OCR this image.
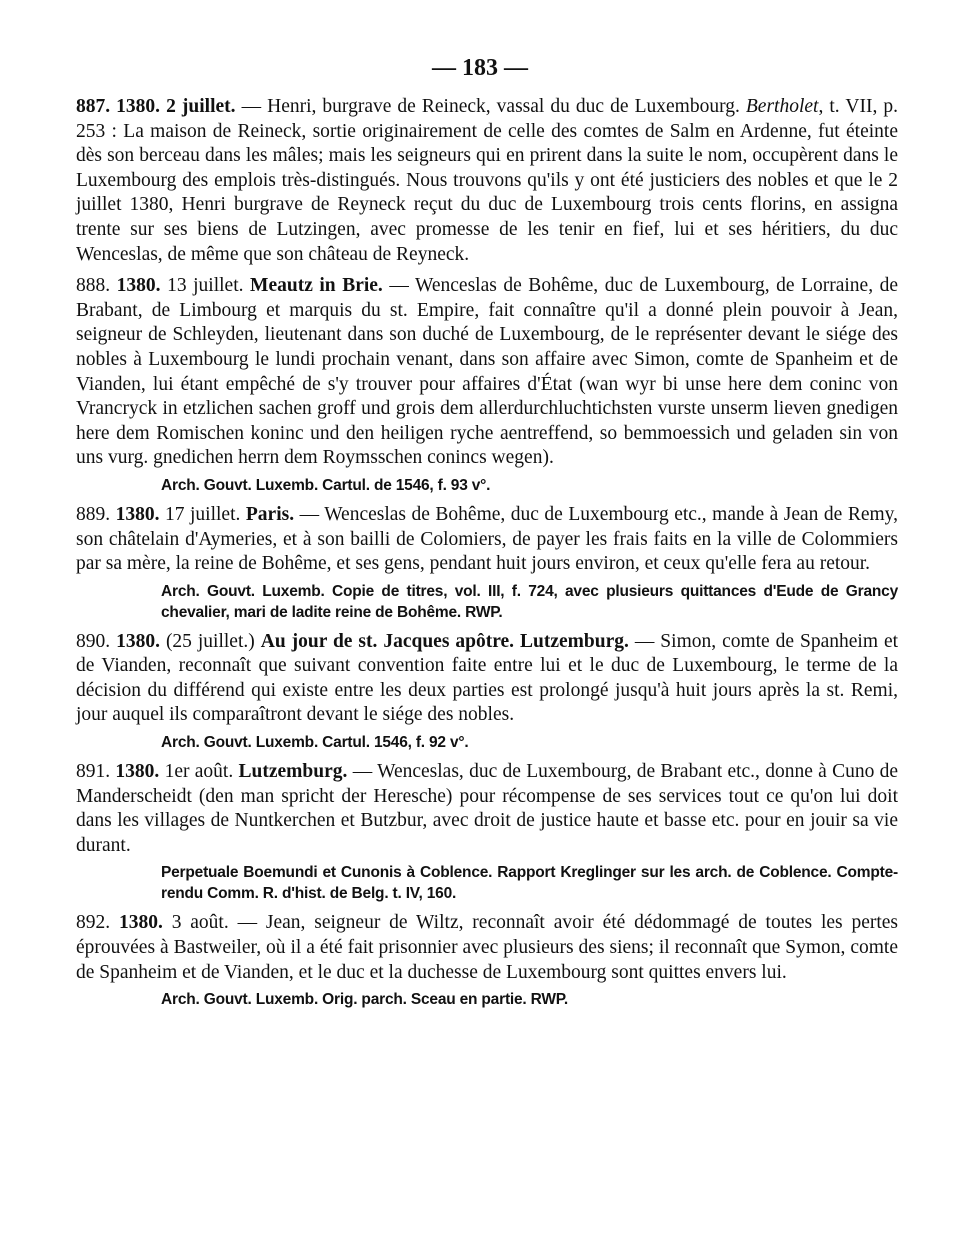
— 183 —

887. 1380. 2 juillet. — Henri, burgrave de Reineck, vassal du duc de Luxembourg. Bertholet, t. VII, p. 253 : La maison de Reineck, sortie originairement de celle des comtes de Salm en Ardenne, fut éteinte dès son berceau dans les mâles; mais les seigneurs qui en prirent dans la suite le nom, occupèrent dans le Luxembourg des emplois très-distingués. Nous trouvons qu'ils y ont été justiciers des nobles et que le 2 juillet 1380, Henri burgrave de Reyneck reçut du duc de Luxembourg trois cents florins, en assigna trente sur ses biens de Lutzingen, avec promesse de les tenir en fief, lui et ses héritiers, du duc Wenceslas, de même que son château de Reyneck.

888. 1380. 13 juillet. Meautz in Brie. — Wenceslas de Bohême, duc de Luxembourg, de Lorraine, de Brabant, de Limbourg et marquis du st. Empire, fait connaître qu'il a donné plein pouvoir à Jean, seigneur de Schleyden, lieutenant dans son duché de Luxembourg, de le représenter devant le siége des nobles à Luxembourg le lundi prochain venant, dans son affaire avec Simon, comte de Spanheim et de Vianden, lui étant empêché de s'y trouver pour affaires d'État (wan wyr bi unse here dem coninc von Vrancryck in etzlichen sachen groff und grois dem allerdurchluchtichsten vurste unserm lieven gnedigen here dem Romischen koninc und den heiligen ryche aentreffend, so bemmoessich und geladen sin von uns vurg. gnedichen herrn dem Roymsschen conincs wegen).

Arch. Gouvt. Luxemb. Cartul. de 1546, f. 93 v°.

889. 1380. 17 juillet. Paris. — Wenceslas de Bohême, duc de Luxembourg etc., mande à Jean de Remy, son châtelain d'Aymeries, et à son bailli de Colomiers, de payer les frais faits en la ville de Colommiers par sa mère, la reine de Bohême, et ses gens, pendant huit jours environ, et ceux qu'elle fera au retour.

Arch. Gouvt. Luxemb. Copie de titres, vol. III, f. 724, avec plusieurs quittances d'Eude de Grancy chevalier, mari de ladite reine de Bohême. RWP.

890. 1380. (25 juillet.) Au jour de st. Jacques apôtre. Lutzemburg. — Simon, comte de Spanheim et de Vianden, reconnaît que suivant convention faite entre lui et le duc de Luxembourg, le terme de la décision du différend qui existe entre les deux parties est prolongé jusqu'à huit jours après la st. Remi, jour auquel ils comparaîtront devant le siége des nobles.

Arch. Gouvt. Luxemb. Cartul. 1546, f. 92 v°.

891. 1380. 1er août. Lutzemburg. — Wenceslas, duc de Luxembourg, de Brabant etc., donne à Cuno de Manderscheidt (den man spricht der Heresche) pour récompense de ses services tout ce qu'on lui doit dans les villages de Nuntkerchen et Butzbur, avec droit de justice haute et basse etc. pour en jouir sa vie durant.

Perpetuale Boemundi et Cunonis à Coblence. Rapport Kreglinger sur les arch. de Coblence. Compte-rendu Comm. R. d'hist. de Belg. t. IV, 160.

892. 1380. 3 août. — Jean, seigneur de Wiltz, reconnaît avoir été dédommagé de toutes les pertes éprouvées à Bastweiler, où il a été fait prisonnier avec plusieurs des siens; il reconnaît que Symon, comte de Spanheim et de Vianden, et le duc et la duchesse de Luxembourg sont quittes envers lui.

Arch. Gouvt. Luxemb. Orig. parch. Sceau en partie. RWP.
